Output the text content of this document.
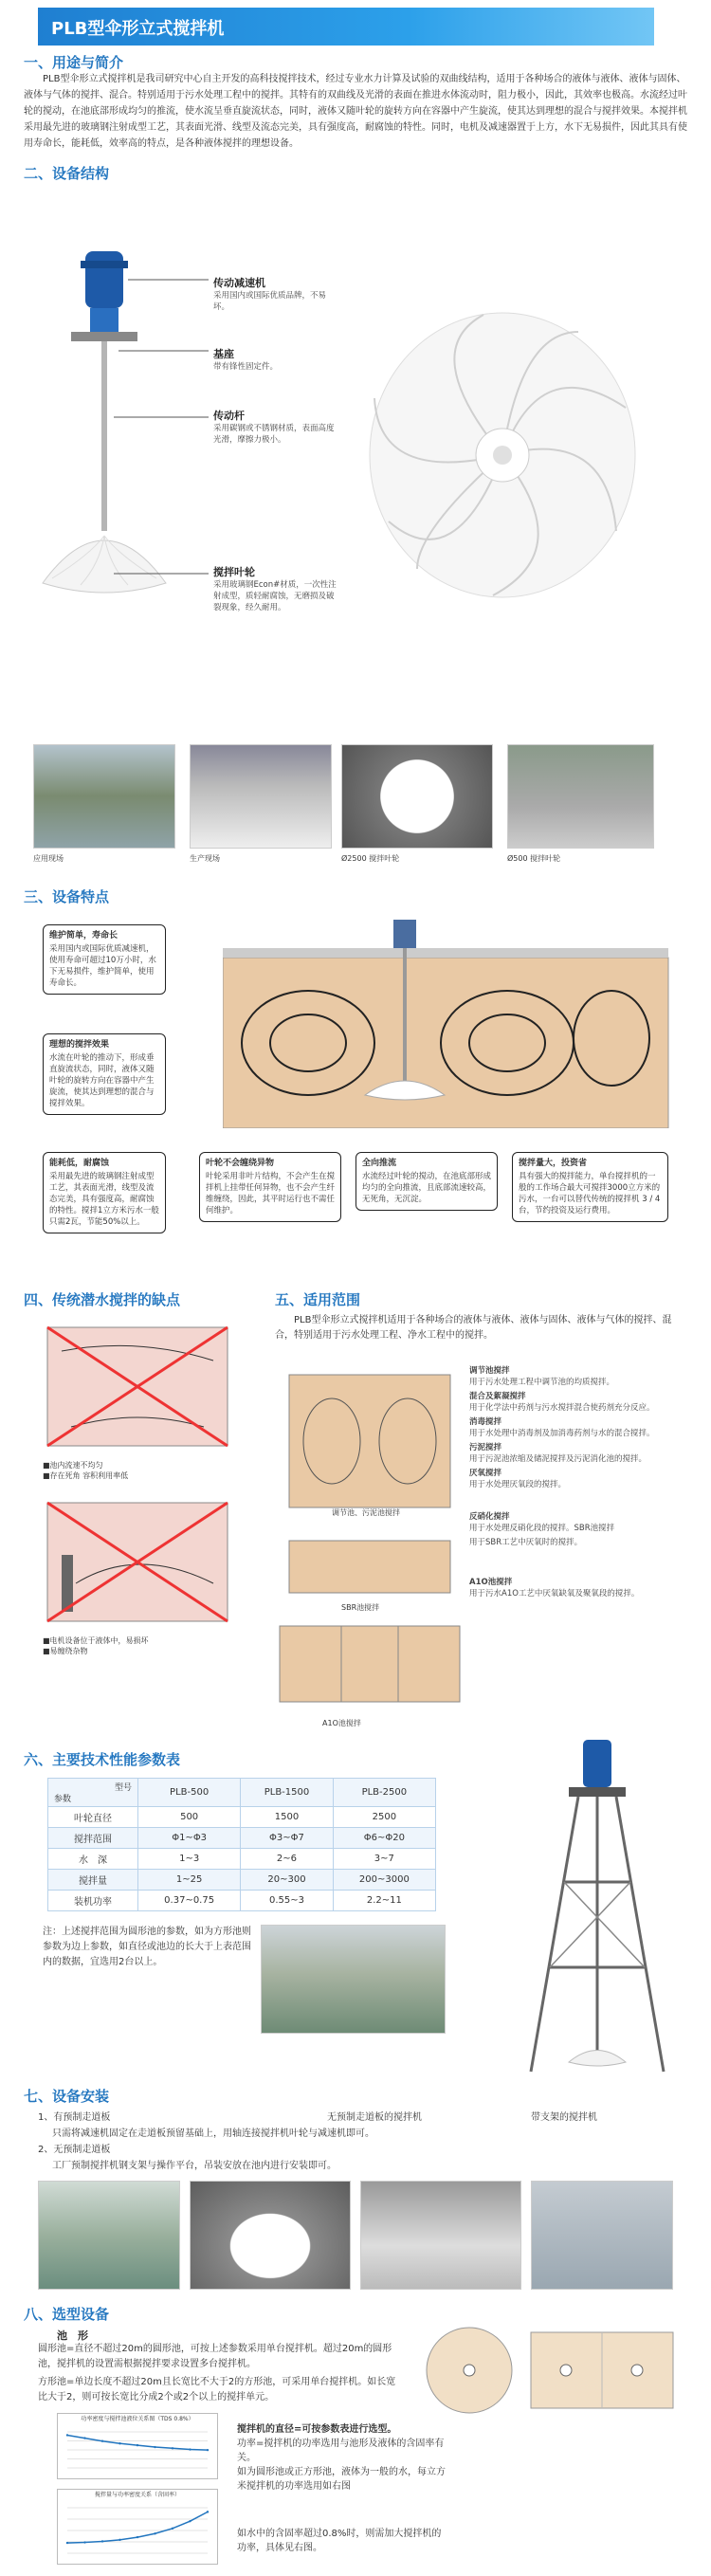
PLB型伞形立式搅拌机
一、用途与简介
PLB型伞形立式搅拌机是我司研究中心自主开发的高科技搅拌技术，经过专业水力计算及试验的双曲线结构，适用于各种场合的液体与液体、液体与固体、液体与气体的搅拌、混合。特别适用于污水处理工程中的搅拌。其特有的双曲线及光滑的表面在推进水体流动时，阻力极小，因此，其效率也极高。水流经过叶轮的搅动，在池底部形成均匀的推流，使水流呈垂直旋流状态，同时，液体又随叶轮的旋转方向在容器中产生旋流，使其达到理想的混合与搅拌效果。本搅拌机采用最先进的玻璃钢注射成型工艺，其表面光滑、线型及流态完美，具有强度高，耐腐蚀的特性。同时，电机及减速器置于上方，水下无易损件，因此其具有使用寿命长，能耗低，效率高的特点，是各种液体搅拌的理想设备。
二、设备结构
传动减速机
采用国内或国际优质品牌，不易坏。
基座
带有锋性固定件。
传动杆
采用碳钢或不锈钢材质，表面高度光滑，摩擦力极小。
搅拌叶轮
采用玻璃钢Econ#材质，一次性注射成型，质轻耐腐蚀，无磨损及破裂现象，经久耐用。
应用现场	生产现场	Ø2500 搅拌叶轮	Ø500 搅拌叶轮
三、设备特点
维护简单，寿命长
采用国内或国际优质减速机，使用寿命可超过10万小时，水下无易损件，维护简单，使用寿命长。
理想的搅拌效果
水流在叶轮的推动下，形成垂直旋流状态，同时，液体又随叶轮的旋转方向在容器中产生旋流，使其达到理想的混合与搅拌效果。
能耗低，耐腐蚀
采用最先进的玻璃钢注射成型工艺，其表面光滑，线型及流态完美，具有强度高，耐腐蚀的特性。搅拌1立方米污水一般只需2瓦，节能50%以上。
叶轮不会缠绕异物
叶轮采用非叶片结构，不会产生在搅拌机上挂带任何异物，也不会产生纤维缠绕，因此，其平时运行也不需任何维护。
全向推流
水流经过叶轮的搅动，在池底部形成均匀的全向推流，且底部流速较高，无死角，无沉淀。
搅拌量大，投资省
具有强大的搅拌能力，单台搅拌机的一般的工作场合最大可搅拌3000立方米的污水，一台可以替代传统的搅拌机 3 / 4 台，节约投资及运行费用。
四、传统潜水搅拌的缺点
■池内流速不均匀
■存在死角 容积利用率低
■电机设备位于液体中，易损坏
■易缠绕杂物
五、适用范围
PLB型伞形立式搅拌机适用于各种场合的液体与液体、液体与固体、液体与气体的搅拌、混合，特别适用于污水处理工程、净水工程中的搅拌。
调节池、污泥池搅拌
SBR池搅拌
A1O池搅拌
调节池搅拌
用于污水处理工程中调节池的均质搅拌。
混合及絮凝搅拌
用于化学法中药剂与污水搅拌混合使药剂充分反应。
消毒搅拌
用于水处理中消毒剂及加消毒药剂与水的混合搅拌。
污泥搅拌
用于污泥池浓缩及储泥搅拌及污泥消化池的搅拌。
厌氧搅拌
用于水处理厌氧段的搅拌。
反硝化搅拌
用于水处理反硝化段的搅拌。SBR池搅拌
用于SBR工艺中厌氧时的搅拌。
A1O池搅拌
用于污水A1O工艺中厌氧缺氧及聚氧段的搅拌。
六、主要技术性能参数表
型号
参数	PLB-500	PLB-1500	PLB-2500
叶轮直径	500	1500	2500
搅拌范围	Φ1~Φ3	Φ3~Φ7	Φ6~Φ20
水　深	1~3	2~6	3~7
搅拌量	1~25	20~300	200~3000
装机功率	0.37~0.75	0.55~3	2.2~11
注：上述搅拌范围为圆形池的参数，如为方形池则参数为边上参数，如直径或池边的长大于上表范围内的数据，宜选用2台以上。
七、设备安装
1、有预制走道板	无预制走道板的搅拌机	带支架的搅拌机
只需将减速机固定在走道板预留基础上，用轴连接搅拌机叶轮与减速机即可。
2、无预制走道板
工厂预制搅拌机钢支架与操作平台，吊装安放在池内进行安装即可。
八、选型设备
池　形
圆形池=直径不超过20m的圆形池，可按上述参数采用单台搅拌机。超过20m的圆形池，搅拌机的设置需根据搅拌要求设置多台搅拌机。
方形池=单边长度不超过20m且长宽比不大于2的方形池，可采用单台搅拌机。如长宽比大于2，则可按长宽比分成2个或2个以上的搅拌单元。
功率密度与搅拌池液位关系图（TDS 0.8%）
搅拌量与功率密度关系（含固率）
搅拌机的直径=可按参数表进行选型。
功率=搅拌机的功率选用与池形及液体的含固率有关。
如为圆形池或正方形池，液体为一般的水，每立方米搅拌机的功率选用如右图
如水中的含固率超过0.8%时，则需加大搅拌机的功率，具体见右图。
